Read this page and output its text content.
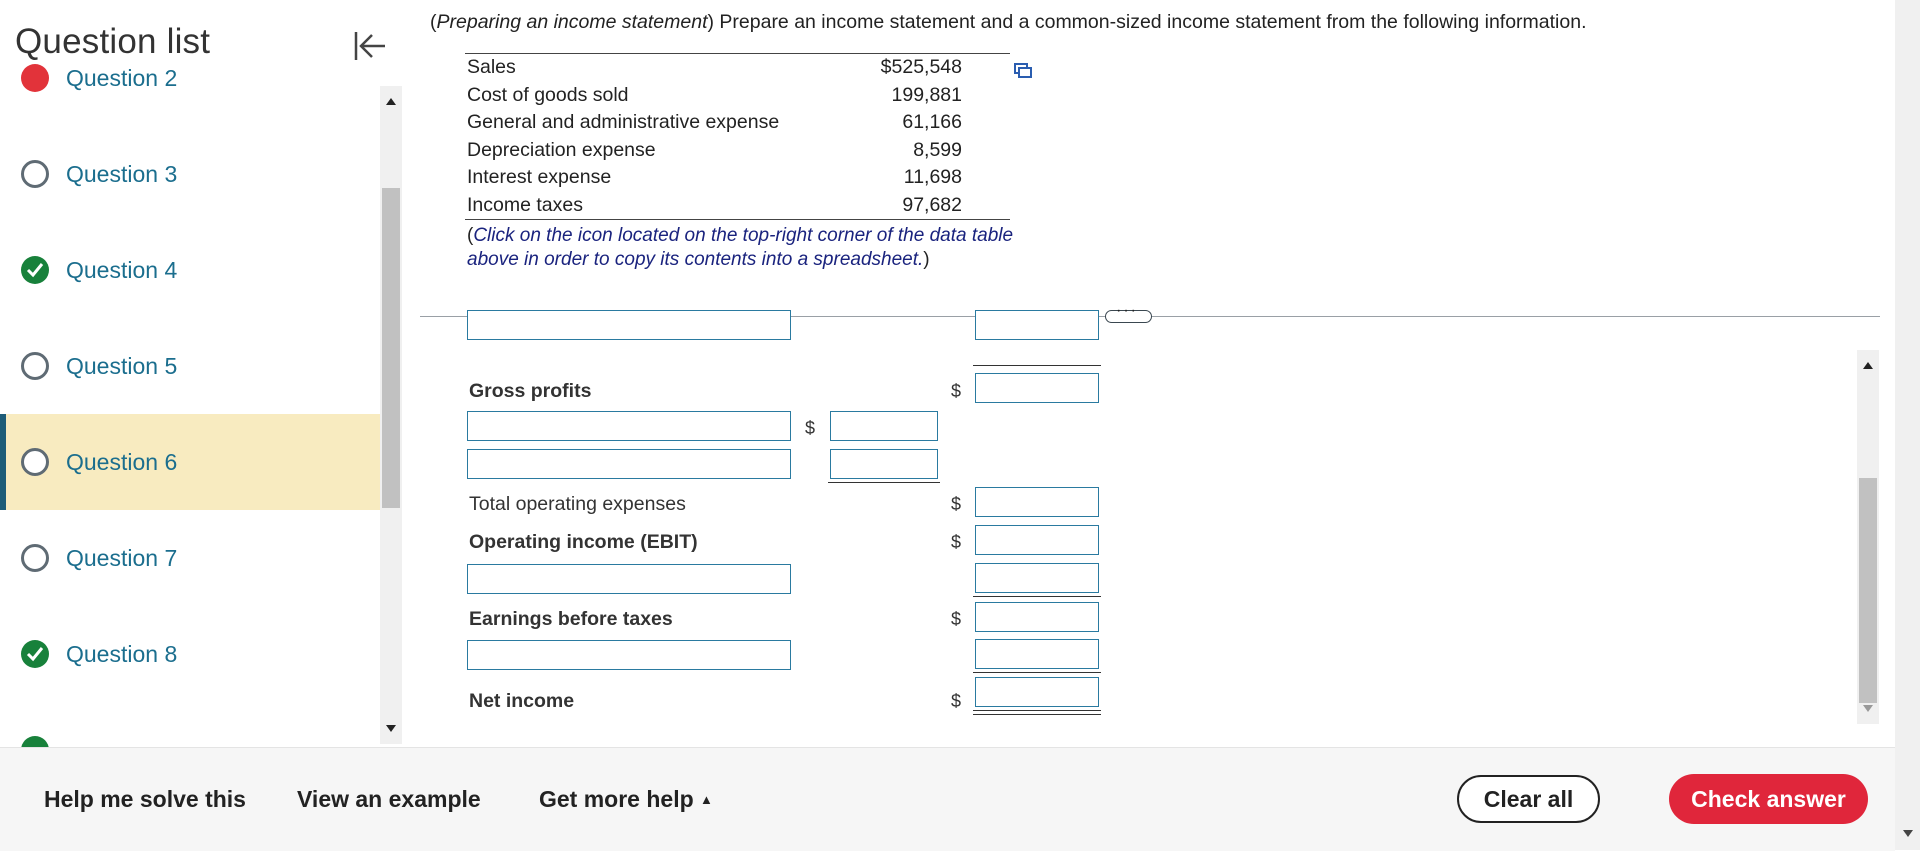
Question list
Question 2
Question 3
Question 4
Question 5
Question 6
Question 7
Question 8
(Preparing an income statement) Prepare an income statement and a common-sized income statement from the following information.
Sales	$525,548
Cost of goods sold	199,881
General and administrative expense	61,166
Depreciation expense	8,599
Interest expense	11,698
Income taxes	97,682
(Click on the icon located on the top-right corner of the data table above in order to copy its contents into a spreadsheet.)
···
Gross profits	$
$
Total operating expenses	$
Operating income (EBIT)	$
Earnings before taxes	$
Net income	$
Help me solve this View an example	Get more help ▲	Clear all	Check answer
